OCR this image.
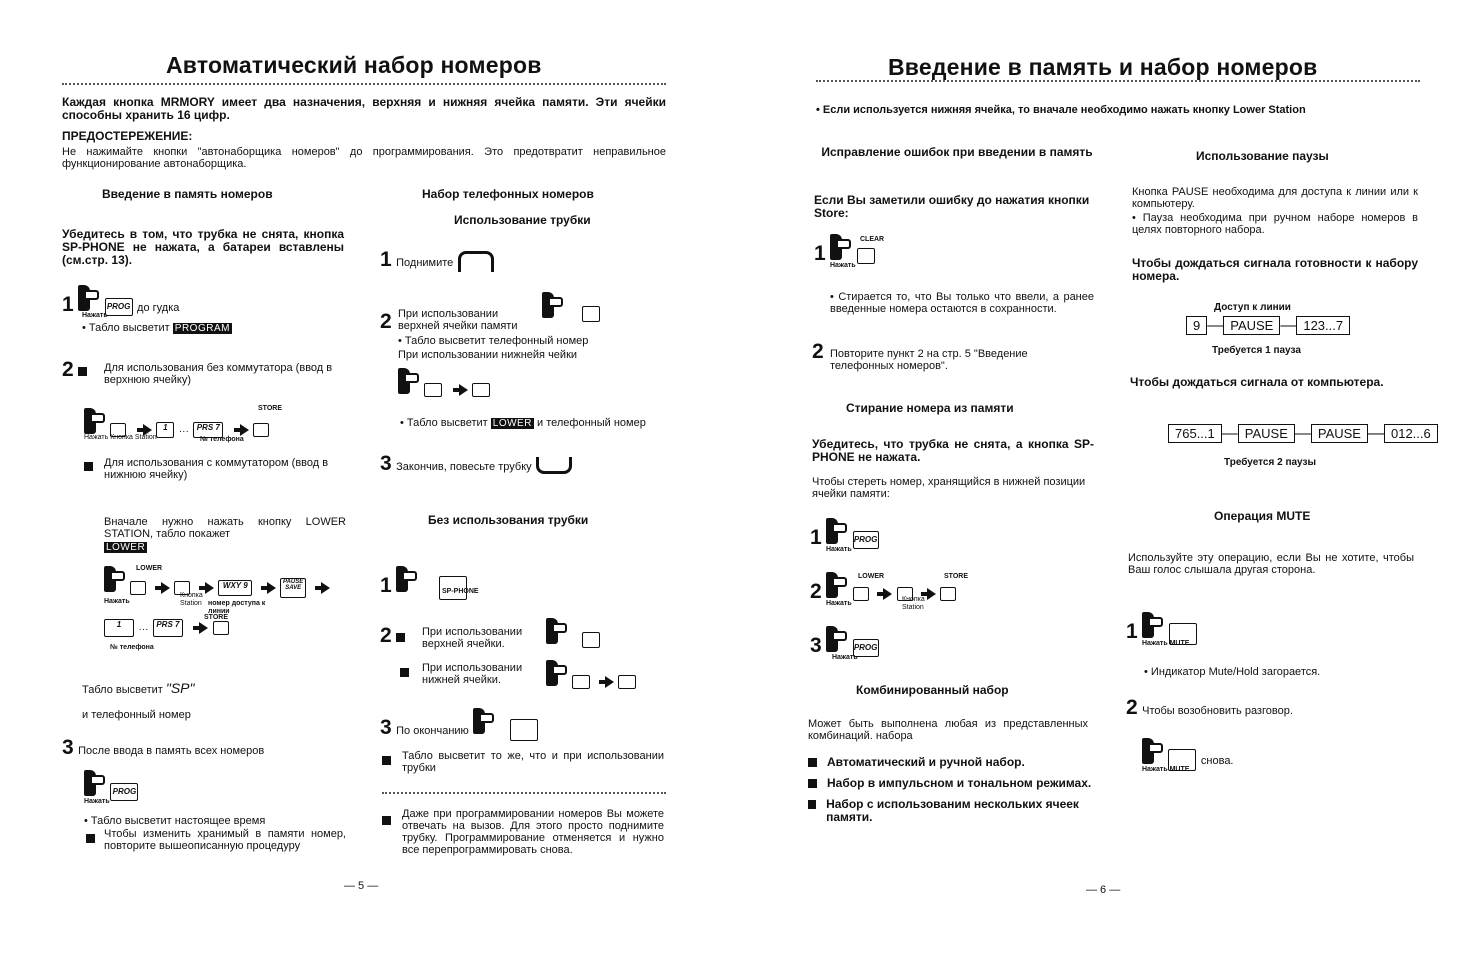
Автоматический набор номеров
Каждая кнопка MRMORY имеет два назначения, верхняя и нижняя ячейка памяти. Эти ячейки способны хранить 16 цифр.
ПРЕДОСТЕРЕЖЕНИЕ:
Не нажимайте кнопки "автонаборщика номеров" до программирования. Это предотвратит неправильное функционирование автонаборщика.
Введение в память номеров
Убедитесь в том, что трубка не снята, кнопка SP-PHONE не нажата, а батареи вставлены (см.стр. 13).
1	PROG до гудка
Нажать
• Табло высветит PROGRAM
2	Для использования без коммутатора (ввод в верхнюю ячейку)
1 ··· PRS 7
STORE
Нажать Кнопка Station	№ телефона
Для использования с коммутатором (ввод в нижнюю ячейку)
Вначале нужно нажать кнопку LOWER STATION, табло покажет
LOWER
WXY 9	PAUSE SAVE
LOWER
Нажать
Кнопка Station номер доступа к линии
1 ··· PRS 7
STORE
№ телефона
Табло высветит "SP"
и телефонный номер
3 После ввода в память всех номеров
PROG
Нажать
• Табло высветит настоящее время
Чтобы изменить хранимый в памяти номер, повторите вышеописанную процедуру
Набор телефонных номеров
Использование трубки
1 Поднимите
2 При использовании верхней ячейки памяти

• Табло высветит телефонный номер
При использовании нижнейя чейки

• Табло высветит LOWER и телефонный номер
3 Закончив, повесьте трубку
Без использования трубки
1	SP-PHONE
2	При использовании верхней ячейки.

При использовании нижней ячейки.

3 По окончанию
Табло высветит то же, что и при использовании трубки
Даже при программировании номеров Вы можете отвечать на вызов. Для этого просто поднимите трубку. Программирование отменяется и нужно все перепрограммировать снова.
— 5 —
Введение в память и набор номеров
• Если используется нижняя ячейка, то вначале необходимо нажать кнопку Lower Station
Исправление ошибок при введении в память
Если Вы заметили ошибку до нажатия кнопки Store:
1
CLEAR
Нажать
• Стирается то, что Вы только что ввели, а ранее введенные номера остаются в сохранности.
2 Повторите пункт 2 на стр. 5 "Введение телефонных номеров".
Стирание номера из памяти
Убедитесь, что трубка не снята, а кнопка SP-PHONE не нажата.
Чтобы стереть номер, хранящийся в нижней позиции ячейки памяти:
1	PROG
Нажать
2
LOWER	STORE
Нажать
Кнопка Station
3	PROG
Нажать
Комбинированный набор
Может быть выполнена любая из представленных комбинаций. набора
Автоматический и ручной набор.
Набор в импульсном и тональном режимах.
Набор с использованим нескольких ячеек памяти.
Использование паузы
Кнопка PAUSE необходима для доступа к линии или к компьютеру.
• Пауза необходима при ручном наборе номеров в целях повторного набора.
Чтобы дождаться сигнала готовности к набору номера.
Доступ к линии
9 — PAUSE — 123...7
Требуется 1 пауза
Чтобы дождаться сигнала от компьютера.
765...1 — PAUSE — PAUSE — 012...6
Требуется 2 паузы
Операция MUTE
Используйте эту операцию, если Вы не хотите, чтобы Ваш голос слышала другая сторона.
1
Нажать MUTE
• Индикатор Mute/Hold загорается.
2 Чтобы возобновить разговор.
снова.
Нажать MUTE
— 6 —
